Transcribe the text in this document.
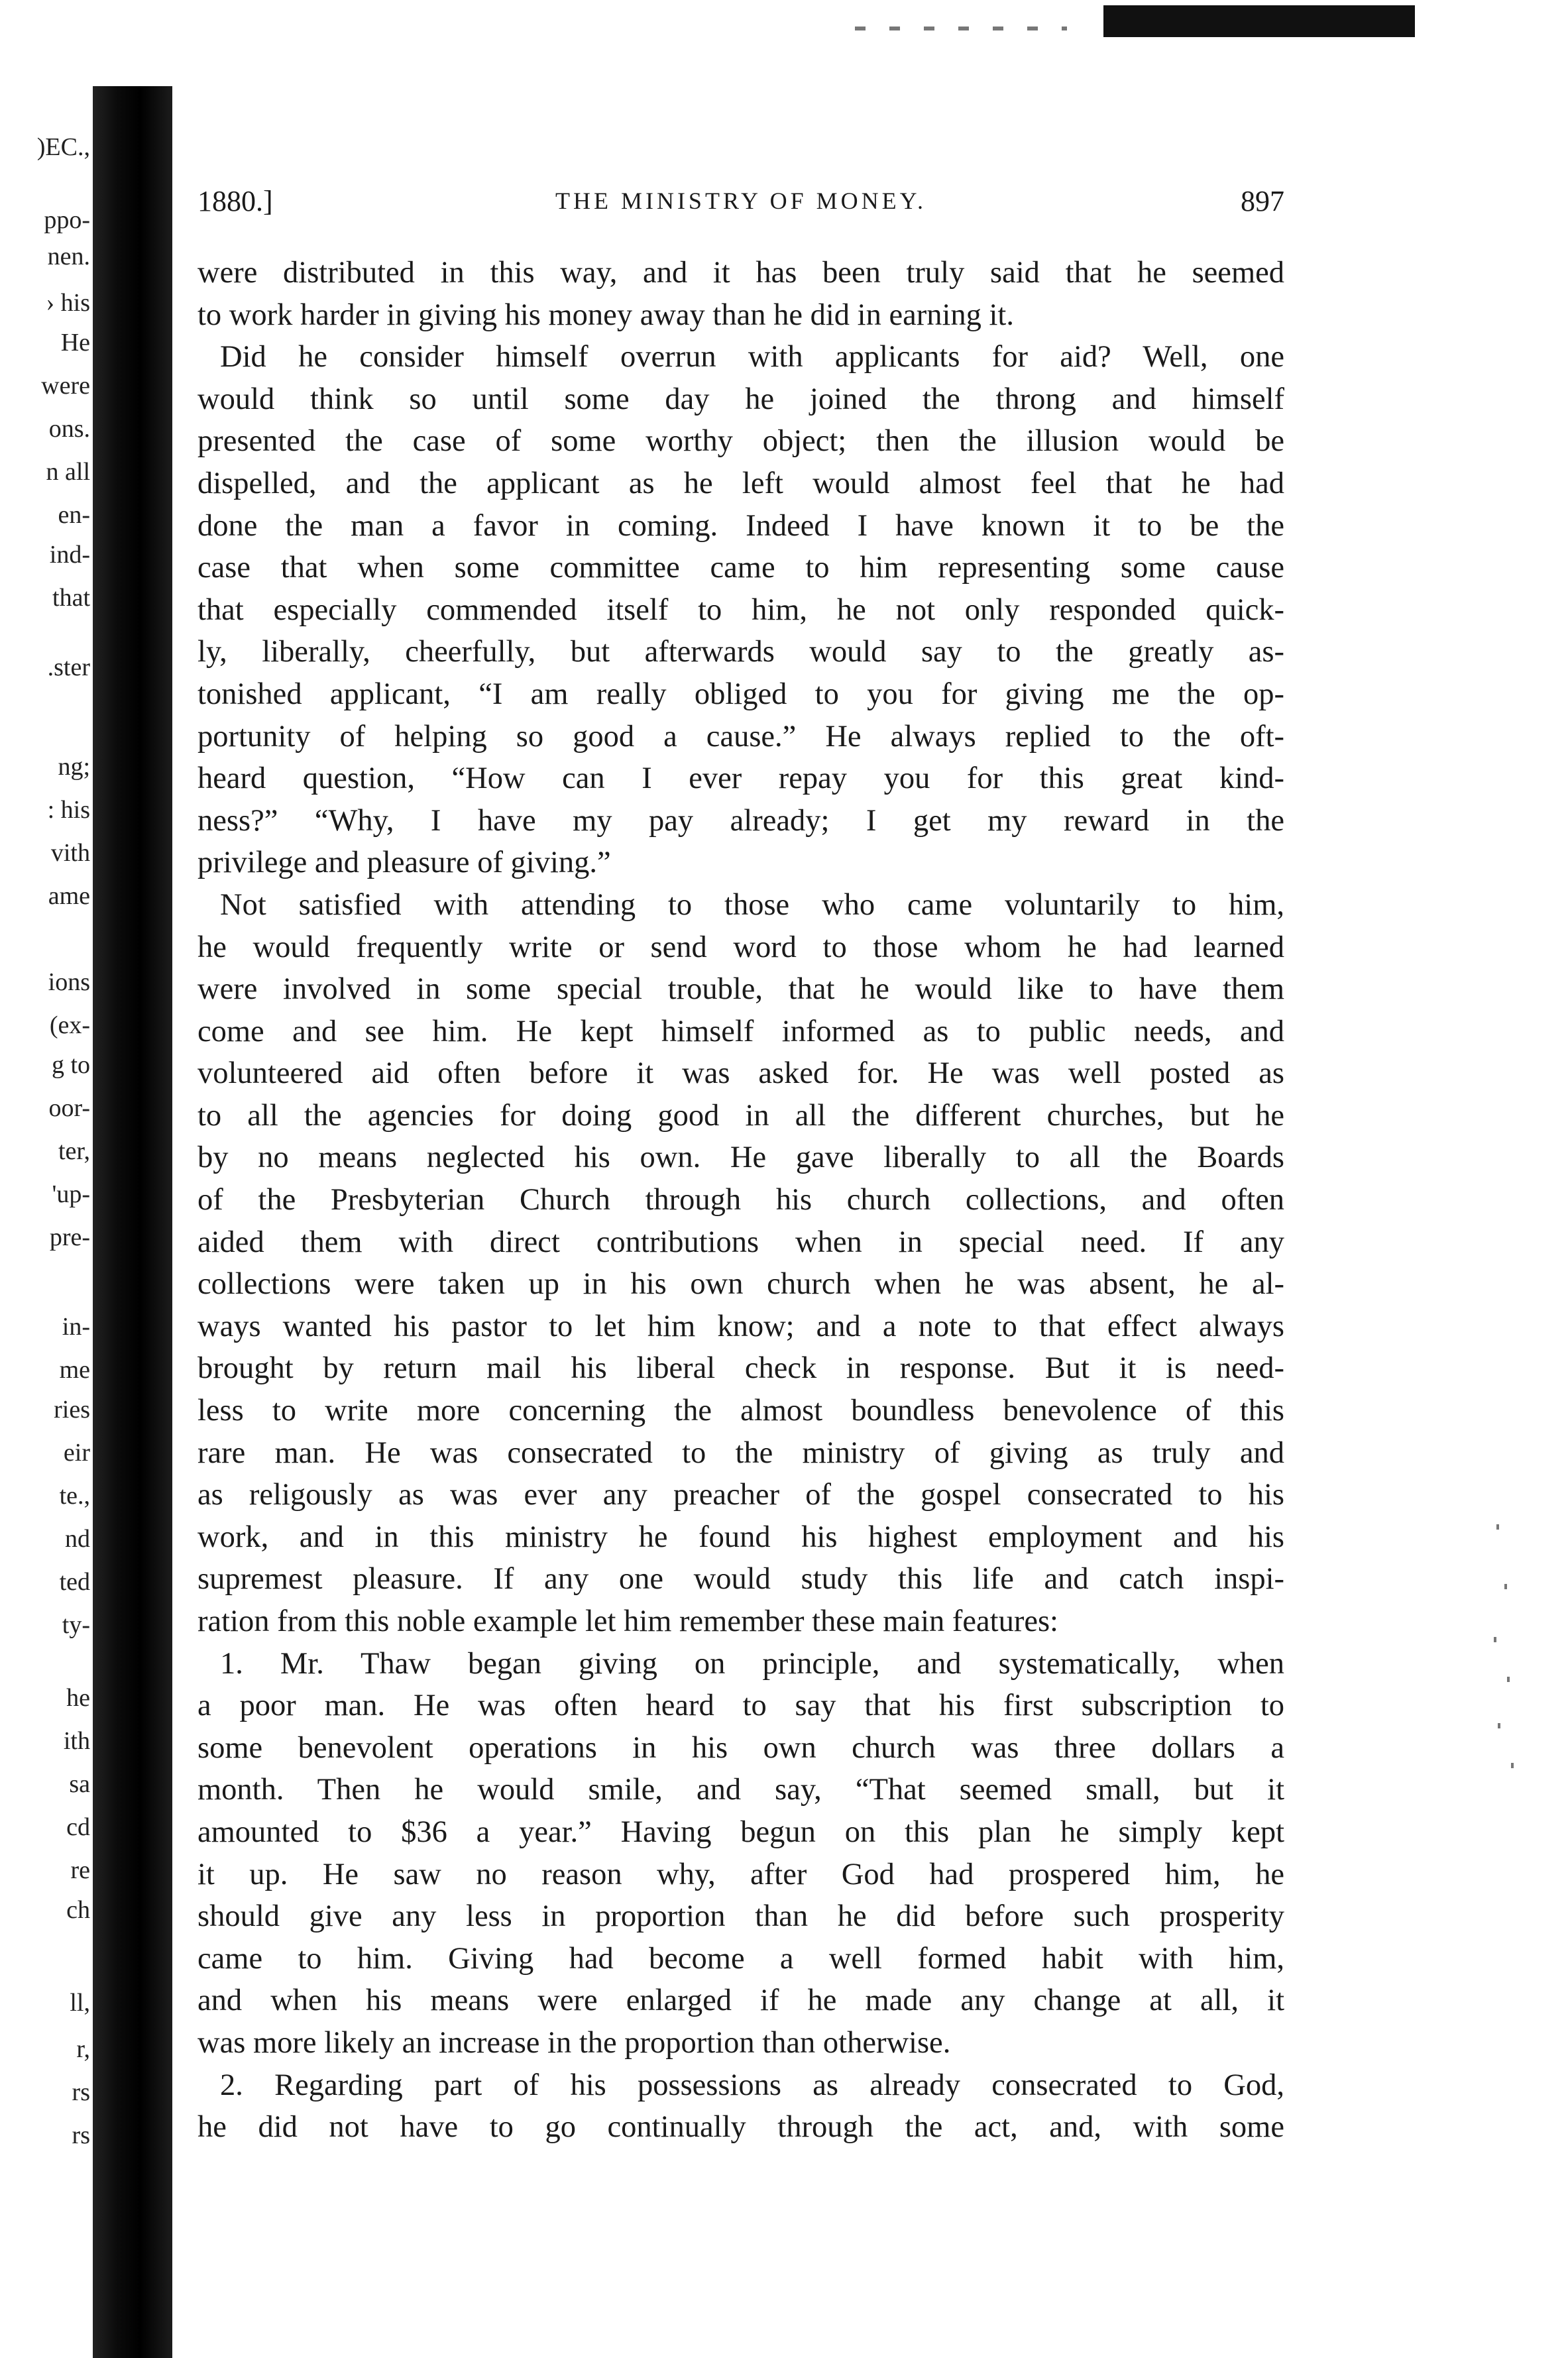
)EC.,
ppo-
nen.
› his
He
were
ons.
n all
en-
ind-
that
.ster
ng;
: his
vith
ame
ions
(ex-
g to
oor-
ter,
'up-
pre-
in-
me
ries
eir
te.,
nd
ted
ty-
he
ith
sa
cd
re
ch
ll,
r,
rs
rs
1880.]	THE MINISTRY OF MONEY.	897
were distributed in this way, and it has been truly said that he seemed
to work harder in giving his money away than he did in earning it.
Did he consider himself overrun with applicants for aid? Well, one
would think so until some day he joined the throng and himself
presented the case of some worthy object; then the illusion would be
dispelled, and the applicant as he left would almost feel that he had
done the man a favor in coming. Indeed I have known it to be the
case that when some committee came to him representing some cause
that especially commended itself to him, he not only responded quick-
ly, liberally, cheerfully, but afterwards would say to the greatly as-
tonished applicant, “I am really obliged to you for giving me the op-
portunity of helping so good a cause.” He always replied to the oft-
heard question, “How can I ever repay you for this great kind-
ness?” “Why, I have my pay already; I get my reward in the
privilege and pleasure of giving.”
Not satisfied with attending to those who came voluntarily to him,
he would frequently write or send word to those whom he had learned
were involved in some special trouble, that he would like to have them
come and see him. He kept himself informed as to public needs, and
volunteered aid often before it was asked for. He was well posted as
to all the agencies for doing good in all the different churches, but he
by no means neglected his own. He gave liberally to all the Boards
of the Presbyterian Church through his church collections, and often
aided them with direct contributions when in special need. If any
collections were taken up in his own church when he was absent, he al-
ways wanted his pastor to let him know; and a note to that effect always
brought by return mail his liberal check in response. But it is need-
less to write more concerning the almost boundless benevolence of this
rare man. He was consecrated to the ministry of giving as truly and
as religously as was ever any preacher of the gospel consecrated to his
work, and in this ministry he found his highest employment and his
supremest pleasure. If any one would study this life and catch inspi-
ration from this noble example let him remember these main features:
1. Mr. Thaw began giving on principle, and systematically, when
a poor man. He was often heard to say that his first subscription to
some benevolent operations in his own church was three dollars a
month. Then he would smile, and say, “That seemed small, but it
amounted to $36 a year.” Having begun on this plan he simply kept
it up. He saw no reason why, after God had prospered him, he
should give any less in proportion than he did before such prosperity
came to him. Giving had become a well formed habit with him,
and when his means were enlarged if he made any change at all, it
was more likely an increase in the proportion than otherwise.
2. Regarding part of his possessions as already consecrated to God,
he did not have to go continually through the act, and, with some
